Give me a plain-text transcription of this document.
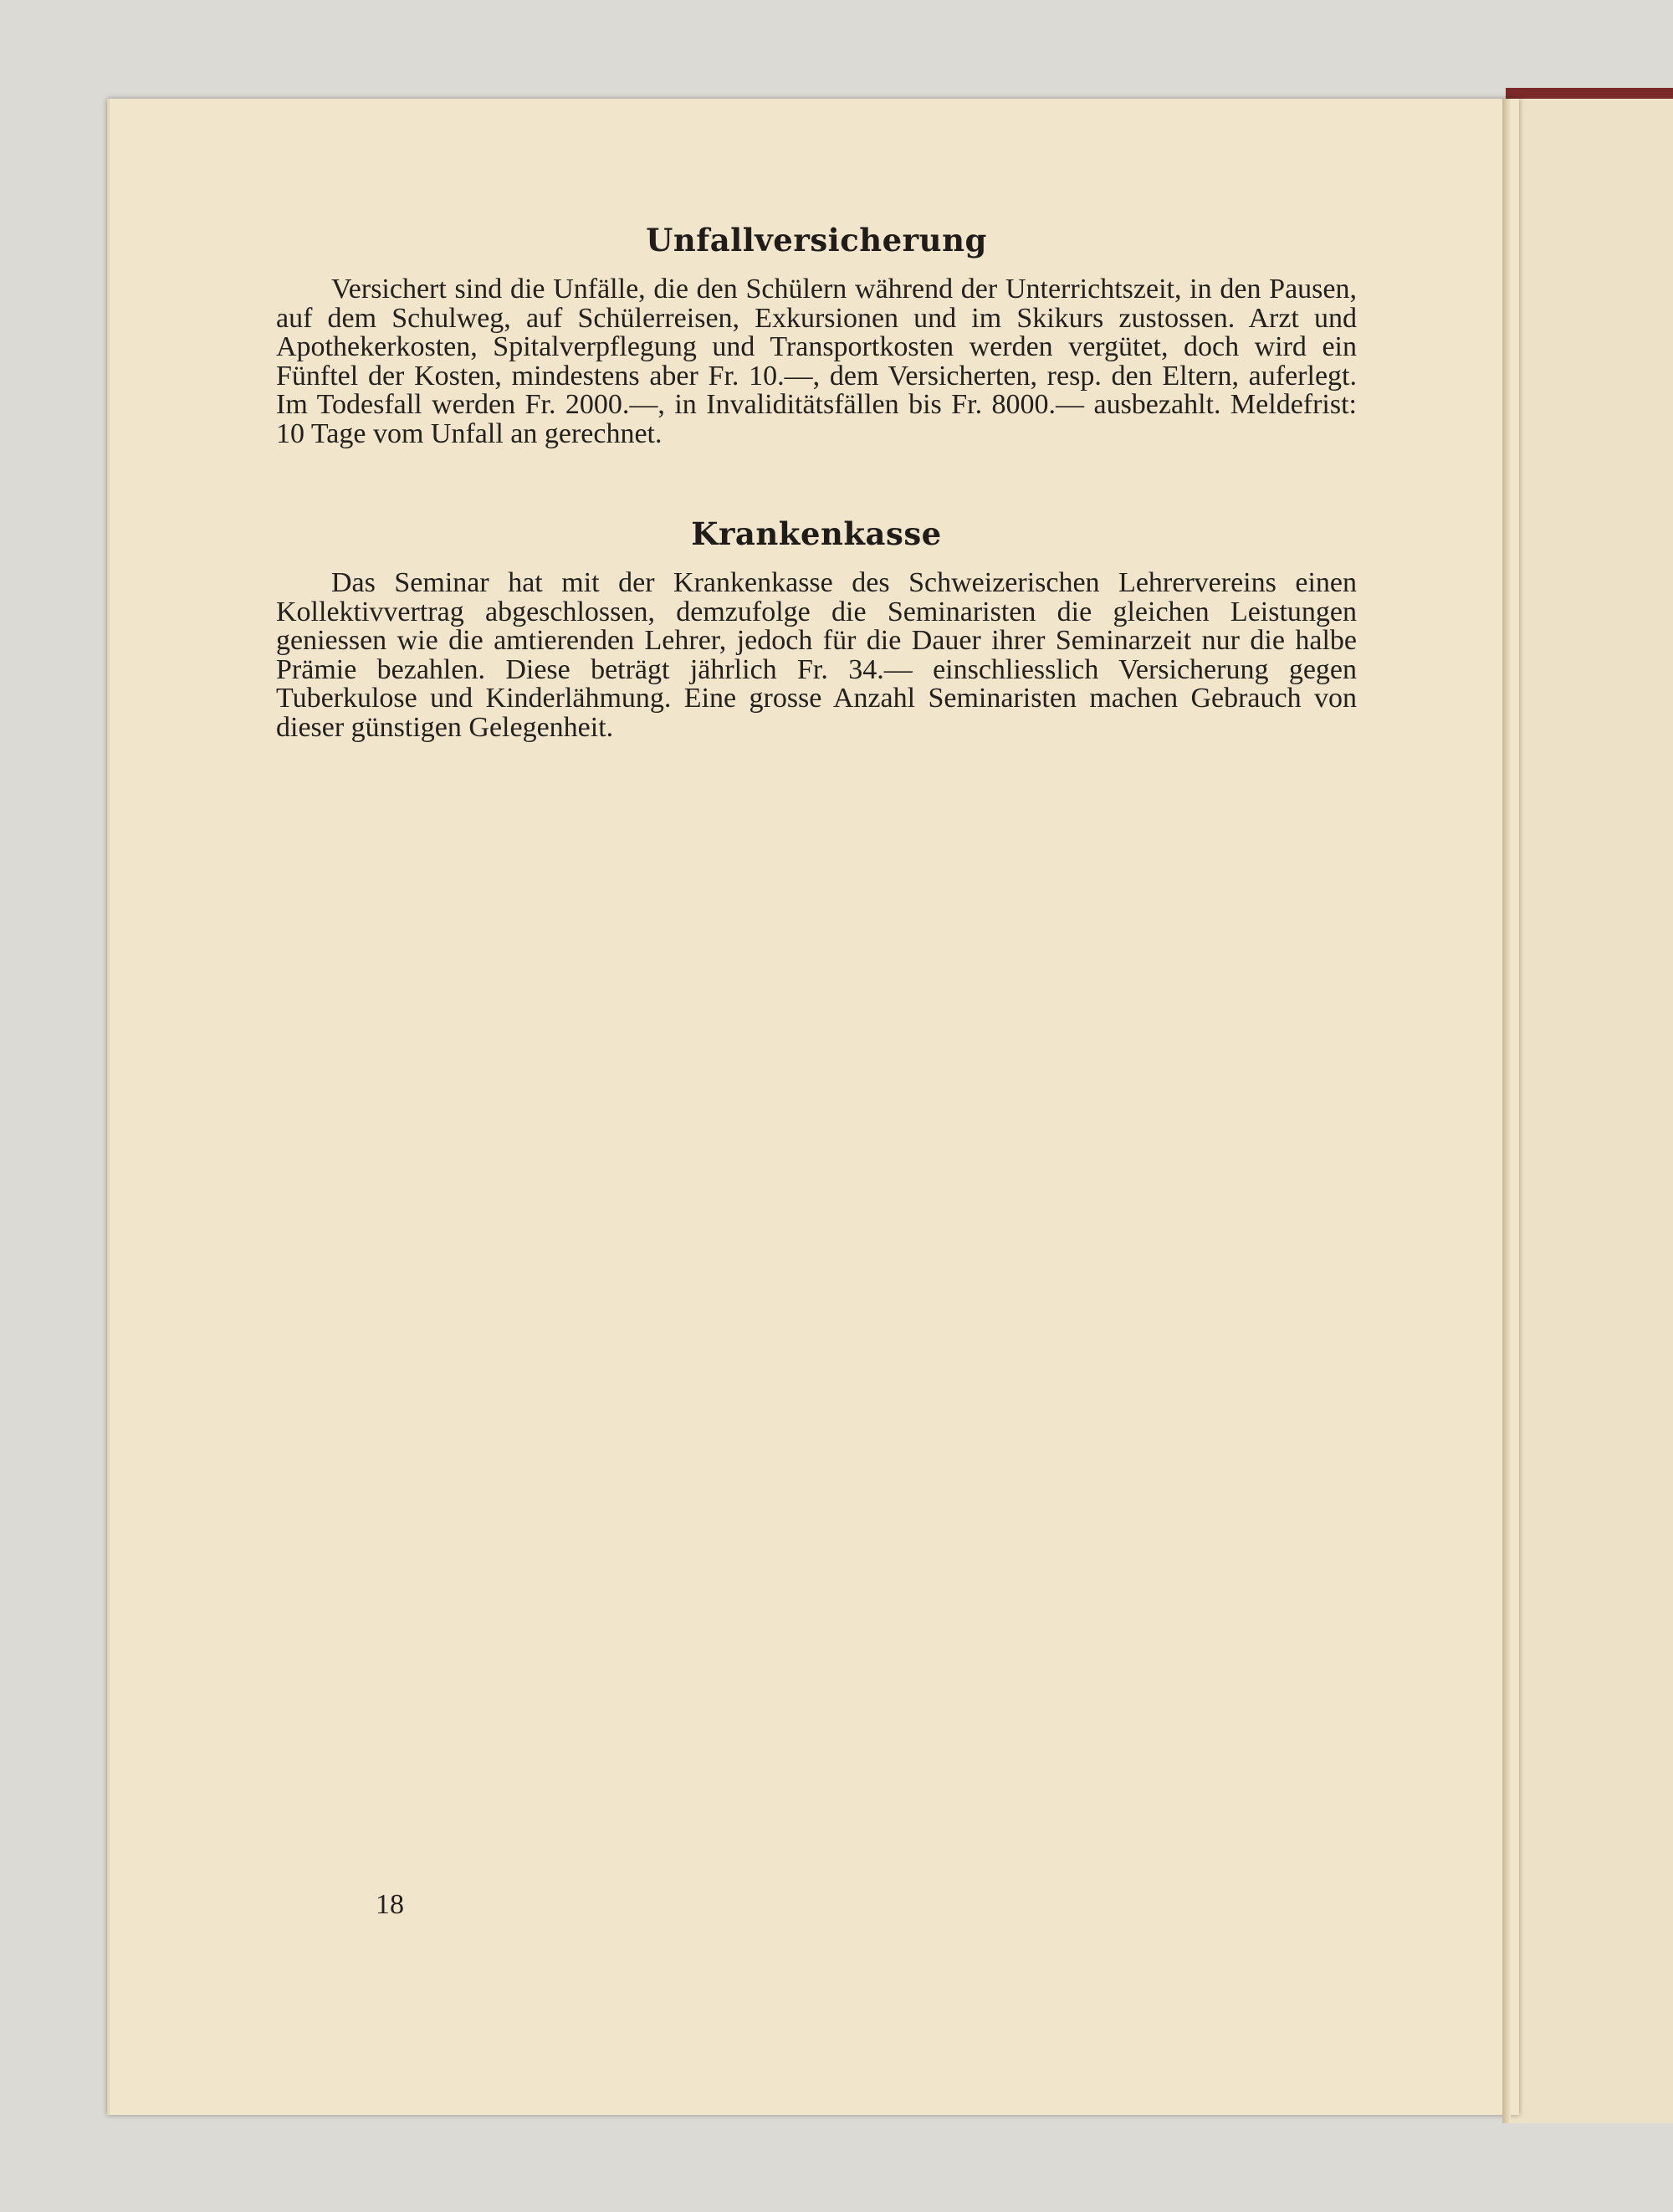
Unfallversicherung

Versichert sind die Unfälle, die den Schülern während der Unterrichtszeit, in den Pausen, auf dem Schulweg, auf Schülerreisen, Exkursionen und im Skikurs zustossen. Arzt und Apothekerkosten, Spitalverpflegung und Transportkosten werden vergütet, doch wird ein Fünftel der Kosten, mindestens aber Fr. 10.—, dem Versicherten, resp. den Eltern, auferlegt. Im Todesfall werden Fr. 2000.—, in Invaliditätsfällen bis Fr. 8000.— ausbezahlt. Meldefrist: 10 Tage vom Unfall an gerechnet.

Krankenkasse

Das Seminar hat mit der Krankenkasse des Schweizerischen Lehrervereins einen Kollektivvertrag abgeschlossen, demzufolge die Seminaristen die gleichen Leistungen geniessen wie die amtierenden Lehrer, jedoch für die Dauer ihrer Seminarzeit nur die halbe Prämie bezahlen. Diese beträgt jährlich Fr. 34.— einschliesslich Versicherung gegen Tuberkulose und Kinderlähmung. Eine grosse Anzahl Seminaristen machen Gebrauch von dieser günstigen Gelegenheit.

18
